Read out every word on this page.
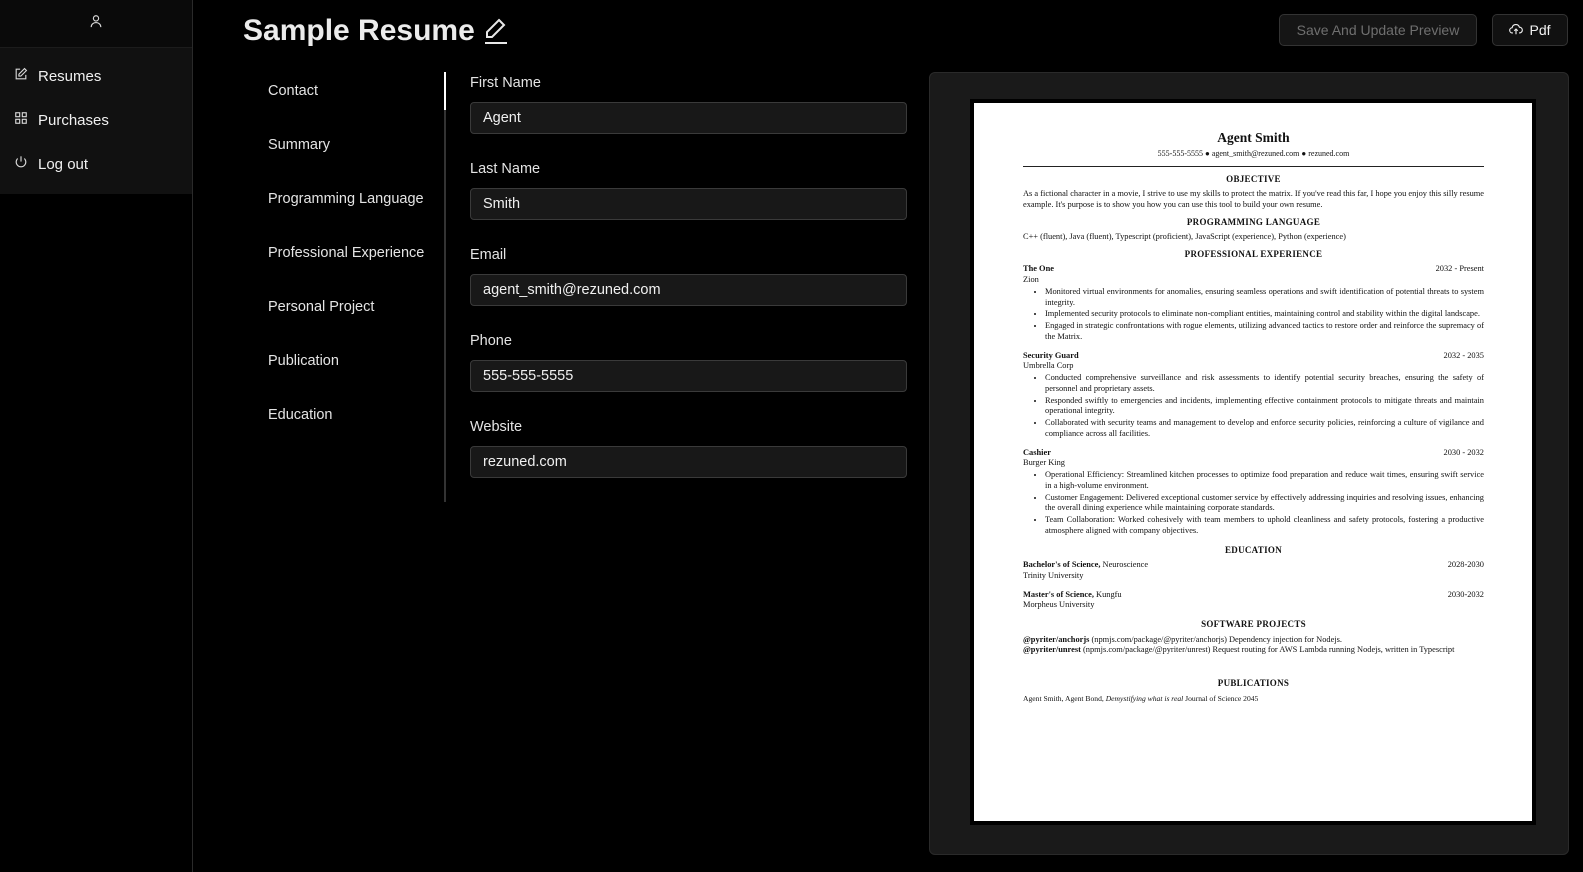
Resumes
Purchases
Log out
Sample Resume	Save And Update Preview	Pdf
Contact
Summary
Programming Language
Professional Experience
Personal Project
Publication
Education
First Name
Agent
Last Name
Smith
Email
agent_smith@rezuned.com
Phone
555-555-5555
Website
rezuned.com
Agent Smith
555-555-5555 ● agent_smith@rezuned.com ● rezuned.com
OBJECTIVE
As a fictional character in a movie, I strive to use my skills to protect the matrix. If you've read this far, I hope you enjoy this silly resume example. It's purpose is to show you how you can use this tool to build your own resume.
PROGRAMMING LANGUAGE
C++ (fluent), Java (fluent), Typescript (proficient), JavaScript (experience), Python (experience)
PROFESSIONAL EXPERIENCE
The One	2032 - Present
Zion
• Monitored virtual environments for anomalies, ensuring seamless operations and swift identification of potential threats to system integrity.
• Implemented security protocols to eliminate non-compliant entities, maintaining control and stability within the digital landscape.
• Engaged in strategic confrontations with rogue elements, utilizing advanced tactics to restore order and reinforce the supremacy of the Matrix.
Security Guard	2032 - 2035
Umbrella Corp
• Conducted comprehensive surveillance and risk assessments to identify potential security breaches, ensuring the safety of personnel and proprietary assets.
• Responded swiftly to emergencies and incidents, implementing effective containment protocols to mitigate threats and maintain operational integrity.
• Collaborated with security teams and management to develop and enforce security policies, reinforcing a culture of vigilance and compliance across all facilities.
Cashier	2030 - 2032
Burger King
• Operational Efficiency: Streamlined kitchen processes to optimize food preparation and reduce wait times, ensuring swift service in a high-volume environment.
• Customer Engagement: Delivered exceptional customer service by effectively addressing inquiries and resolving issues, enhancing the overall dining experience while maintaining corporate standards.
• Team Collaboration: Worked cohesively with team members to uphold cleanliness and safety protocols, fostering a productive atmosphere aligned with company objectives.
EDUCATION
Bachelor's of Science, Neuroscience	2028-2030
Trinity University
Master's of Science, Kungfu	2030-2032
Morpheus University
SOFTWARE PROJECTS
@pyriter/anchorjs (npmjs.com/package/@pyriter/anchorjs) Dependency injection for Nodejs.
@pyriter/unrest (npmjs.com/package/@pyriter/unrest) Request routing for AWS Lambda running Nodejs, written in Typescript
PUBLICATIONS
Agent Smith, Agent Bond, Demystifying what is real Journal of Science 2045
